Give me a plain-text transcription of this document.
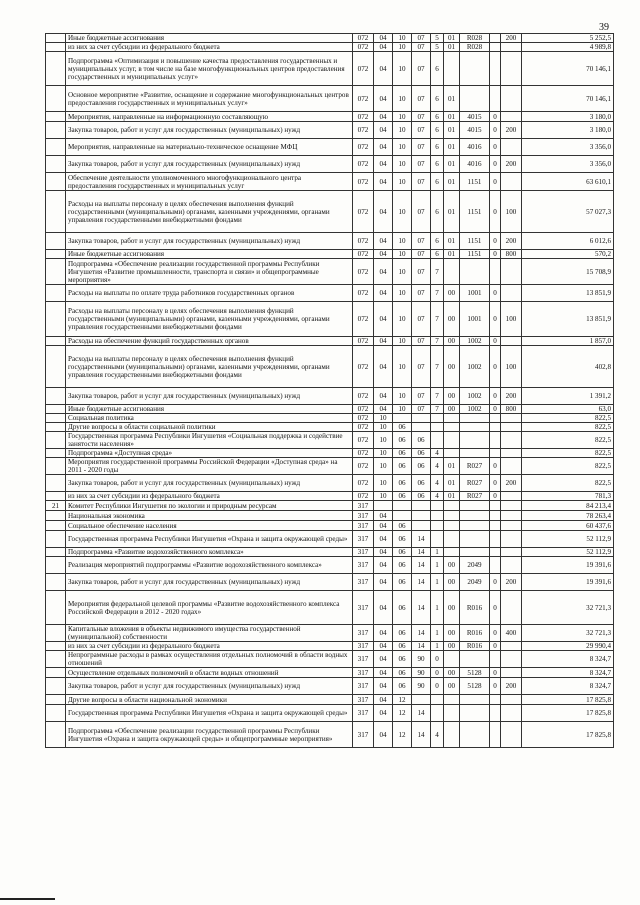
39
	Иные бюджетные ассигнования	072	04	10	07	5	01	R028		200	5 252,5
	из них за счет субсидии из федерального бюджета	072	04	10	07	5	01	R028			4 989,8
	Подпрограмма «Оптимизация и повышение качества предоставления государственных и муниципальных услуг, в том числе на базе многофункциональных центров предоставления государственных и муниципальных услуг»	072	04	10	07	6					70 146,1
	Основное мероприятие «Развитие, оснащение и содержание многофункциональных центров предоставления государственных и муниципальных услуг»	072	04	10	07	6	01				70 146,1
	Мероприятия, направленные на информационную составляющую	072	04	10	07	6	01	4015	0		3 180,0
	Закупка товаров, работ и услуг для государственных (муниципальных) нужд	072	04	10	07	6	01	4015	0	200	3 180,0
	Мероприятия, направленные на материально-техническое оснащение МФЦ	072	04	10	07	6	01	4016	0		3 356,0
	Закупка товаров, работ и услуг для государственных (муниципальных) нужд	072	04	10	07	6	01	4016	0	200	3 356,0
	Обеспечение деятельности уполномоченного многофункционального центра предоставления государственных и муниципальных услуг	072	04	10	07	6	01	1151	0		63 610,1
	Расходы на выплаты персоналу в целях обеспечения выполнения функций государственными (муниципальными) органами, казенными учреждениями, органами управления государственными внебюджетными фондами	072	04	10	07	6	01	1151	0	100	57 027,3
	Закупка товаров, работ и услуг для государственных (муниципальных) нужд	072	04	10	07	6	01	1151	0	200	6 012,6
	Иные бюджетные ассигнования	072	04	10	07	6	01	1151	0	800	570,2
	Подпрограмма «Обеспечение реализации государственной программы Республики Ингушетия «Развитие промышленности, транспорта и связи» и общепрограммные мероприятия»	072	04	10	07	7					15 708,9
	Расходы на выплаты по оплате труда работников государственных органов	072	04	10	07	7	00	1001	0		13 851,9
	Расходы на выплаты персоналу в целях обеспечения выполнения функций государственными (муниципальными) органами, казенными учреждениями, органами управления государственными внебюджетными фондами	072	04	10	07	7	00	1001	0	100	13 851,9
	Расходы на обеспечение функций государственных органов	072	04	10	07	7	00	1002	0		1 857,0
	Расходы на выплаты персоналу в целях обеспечения выполнения функций государственными (муниципальными) органами, казенными учреждениями, органами управления государственными внебюджетными фондами	072	04	10	07	7	00	1002	0	100	402,8
	Закупка товаров, работ и услуг для государственных (муниципальных) нужд	072	04	10	07	7	00	1002	0	200	1 391,2
	Иные бюджетные ассигнования	072	04	10	07	7	00	1002	0	800	63,0
	Социальная политика	072	10								822,5
	Другие вопросы в области социальной политики	072	10	06							822,5
	Государственная программа Республики Ингушетия «Социальная поддержка и содействие занятости населения»	072	10	06	06						822,5
	Подпрограмма «Доступная среда»	072	10	06	06	4					822,5
	Мероприятия государственной программы Российской Федерации «Доступная среда» на 2011 - 2020 годы	072	10	06	06	4	01	R027	0		822,5
	Закупка товаров, работ и услуг для государственных (муниципальных) нужд	072	10	06	06	4	01	R027	0	200	822,5
	из них за счет субсидии из федерального бюджета	072	10	06	06	4	01	R027	0		781,3
21	Комитет Республики Ингушетия по экологии и природным ресурсам	317									84 213,4
	Национальная экономика	317	04								78 263,4
	Социальное обеспечение населения	317	04	06							60 437,6
	Государственная программа Республики Ингушетия «Охрана и защита окружающей среды»	317	04	06	14						52 112,9
	Подпрограмма «Развитие водохозяйственного комплекса»	317	04	06	14	1					52 112,9
	Реализация мероприятий подпрограммы «Развитие водохозяйственного комплекса»	317	04	06	14	1	00	2049			19 391,6
	Закупка товаров, работ и услуг для государственных (муниципальных) нужд	317	04	06	14	1	00	2049	0	200	19 391,6
	Мероприятия федеральной целевой программы «Развитие водохозяйственного комплекса Российской Федерации в 2012 - 2020 годах»	317	04	06	14	1	00	R016	0		32 721,3
	Капитальные вложения в объекты недвижимого имущества государственной (муниципальной) собственности	317	04	06	14	1	00	R016	0	400	32 721,3
	из них за счет субсидии из федерального бюджета	317	04	06	14	1	00	R016	0		29 990,4
	Непрограммные расходы в рамках осуществления отдельных полномочий в области водных отношений	317	04	06	90	0					8 324,7
	Осуществление отдельных полномочий в области водных отношений	317	04	06	90	0	00	5128	0		8 324,7
	Закупка товаров, работ и услуг для государственных (муниципальных) нужд	317	04	06	90	0	00	5128	0	200	8 324,7
	Другие вопросы в области национальной экономики	317	04	12							17 825,8
	Государственная программа Республики Ингушетия «Охрана и защита окружающей среды»	317	04	12	14						17 825,8
	Подпрограмма «Обеспечение реализации государственной программы Республики Ингушетия «Охрана и защита окружающей среды» и общепрограммные мероприятия»	317	04	12	14	4					17 825,8
